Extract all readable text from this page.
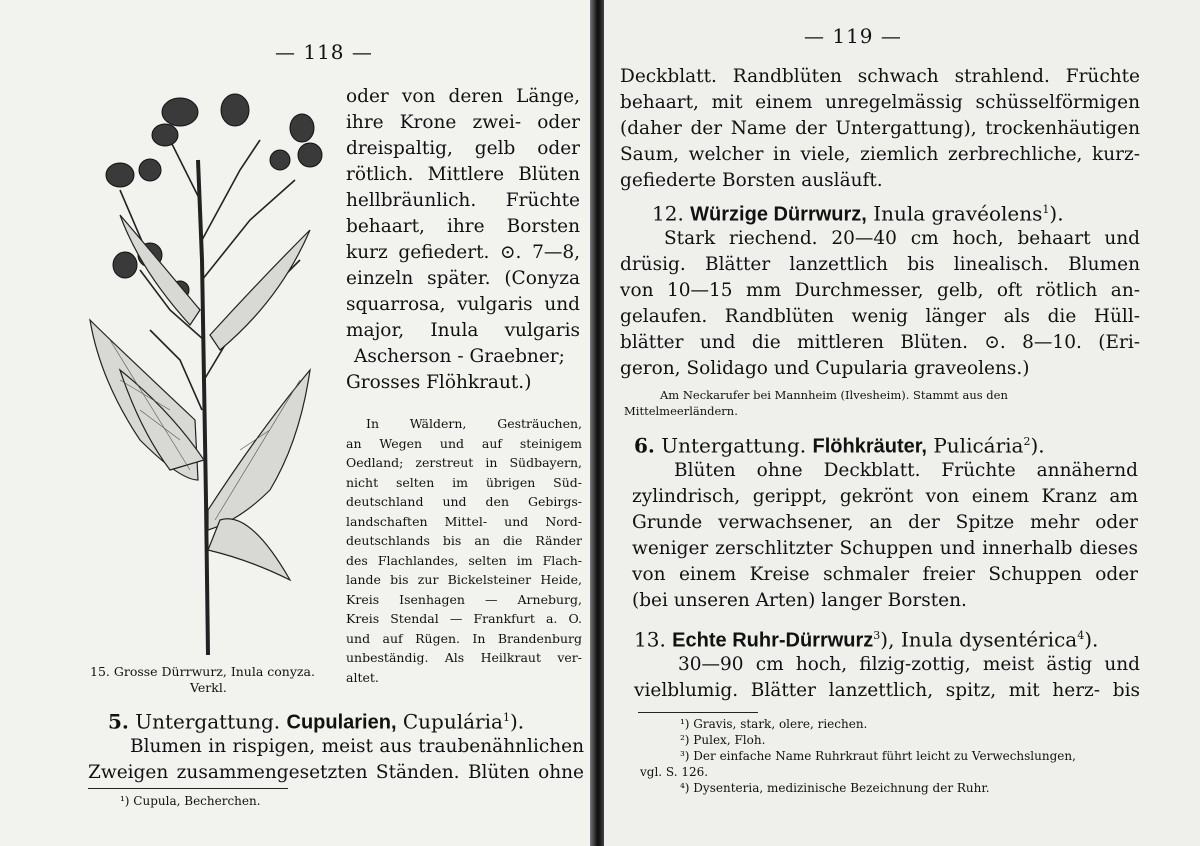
— 118 —
15. Grosse Dürrwurz, Inula conyza.
Verkl.
oder von deren Länge,
ihre Krone zwei- oder
dreispaltig, gelb oder
rötlich. Mittlere Blüten
hellbräunlich. Früchte
behaart, ihre Borsten
kurz gefiedert. ⊙. 7—8,
einzeln später. (Conyza
squarrosa, vulgaris und
major, Inula vulgaris
Ascherson - Graebner;
Grosses Flöhkraut.)
In Wäldern, Gesträuchen,
an Wegen und auf steinigem
Oedland; zerstreut in Südbayern,
nicht selten im übrigen Süd-
deutschland und den Gebirgs-
landschaften Mittel- und Nord-
deutschlands bis an die Ränder
des Flachlandes, selten im Flach-
lande bis zur Bickelsteiner Heide,
Kreis Isenhagen — Arneburg,
Kreis Stendal — Frankfurt a. O.
und auf Rügen. In Brandenburg
unbeständig. Als Heilkraut ver-
altet.
5. Untergattung. Cupularien, Cupulária$^1$).
Blumen in rispigen, meist aus traubenähnlichen
Zweigen zusammengesetzten Ständen. Blüten ohne
¹) Cupula, Becherchen.
— 119 —
Deckblatt. Randblüten schwach strahlend. Früchte
behaart, mit einem unregelmässig schüsselförmigen
(daher der Name der Untergattung), trockenhäutigen
Saum, welcher in viele, ziemlich zerbrechliche, kurz-
gefiederte Borsten ausläuft.
12. Würzige Dürrwurz, Inula gravéolens$^1$).
Stark riechend. 20—40 cm hoch, behaart und
drüsig. Blätter lanzettlich bis linealisch. Blumen
von 10—15 mm Durchmesser, gelb, oft rötlich an-
gelaufen. Randblüten wenig länger als die Hüll-
blätter und die mittleren Blüten. ⊙. 8—10. (Eri-
geron, Solidago und Cupularia graveolens.)
Am Neckarufer bei Mannheim (Ilvesheim). Stammt aus den
Mittelmeerländern.
6. Untergattung. Flöhkräuter, Pulicária$^2$).
Blüten ohne Deckblatt. Früchte annähernd
zylindrisch, gerippt, gekrönt von einem Kranz am
Grunde verwachsener, an der Spitze mehr oder
weniger zerschlitzter Schuppen und innerhalb dieses
von einem Kreise schmaler freier Schuppen oder
(bei unseren Arten) langer Borsten.
13. Echte Ruhr-Dürrwurz$^3$), Inula dysentérica$^4$).
30—90 cm hoch, filzig-zottig, meist ästig und
vielblumig. Blätter lanzettlich, spitz, mit herz- bis
¹) Gravis, stark, olere, riechen.
²) Pulex, Floh.
³) Der einfache Name Ruhrkraut führt leicht zu Verwechslungen,
vgl. S. 126.
⁴) Dysenteria, medizinische Bezeichnung der Ruhr.
